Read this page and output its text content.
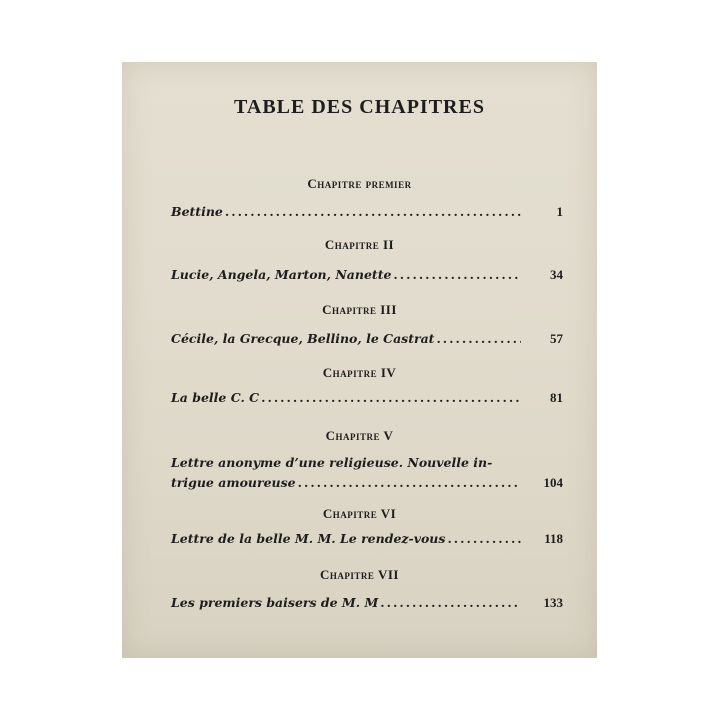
TABLE DES CHAPITRES
Chapitre premier
Bettine .....	1
Chapitre II
Lucie, Angela, Marton, Nanette .....	34
Chapitre III
Cécile, la Grecque, Bellino, le Castrat .....	57
Chapitre IV
La belle C. C .....	81
Chapitre V
Lettre anonyme d’une religieuse. Nouvelle in-
trigue amoureuse .....	104
Chapitre VI
Lettre de la belle M. M. Le rendez-vous .....	118
Chapitre VII
Les premiers baisers de M. M .....	133
